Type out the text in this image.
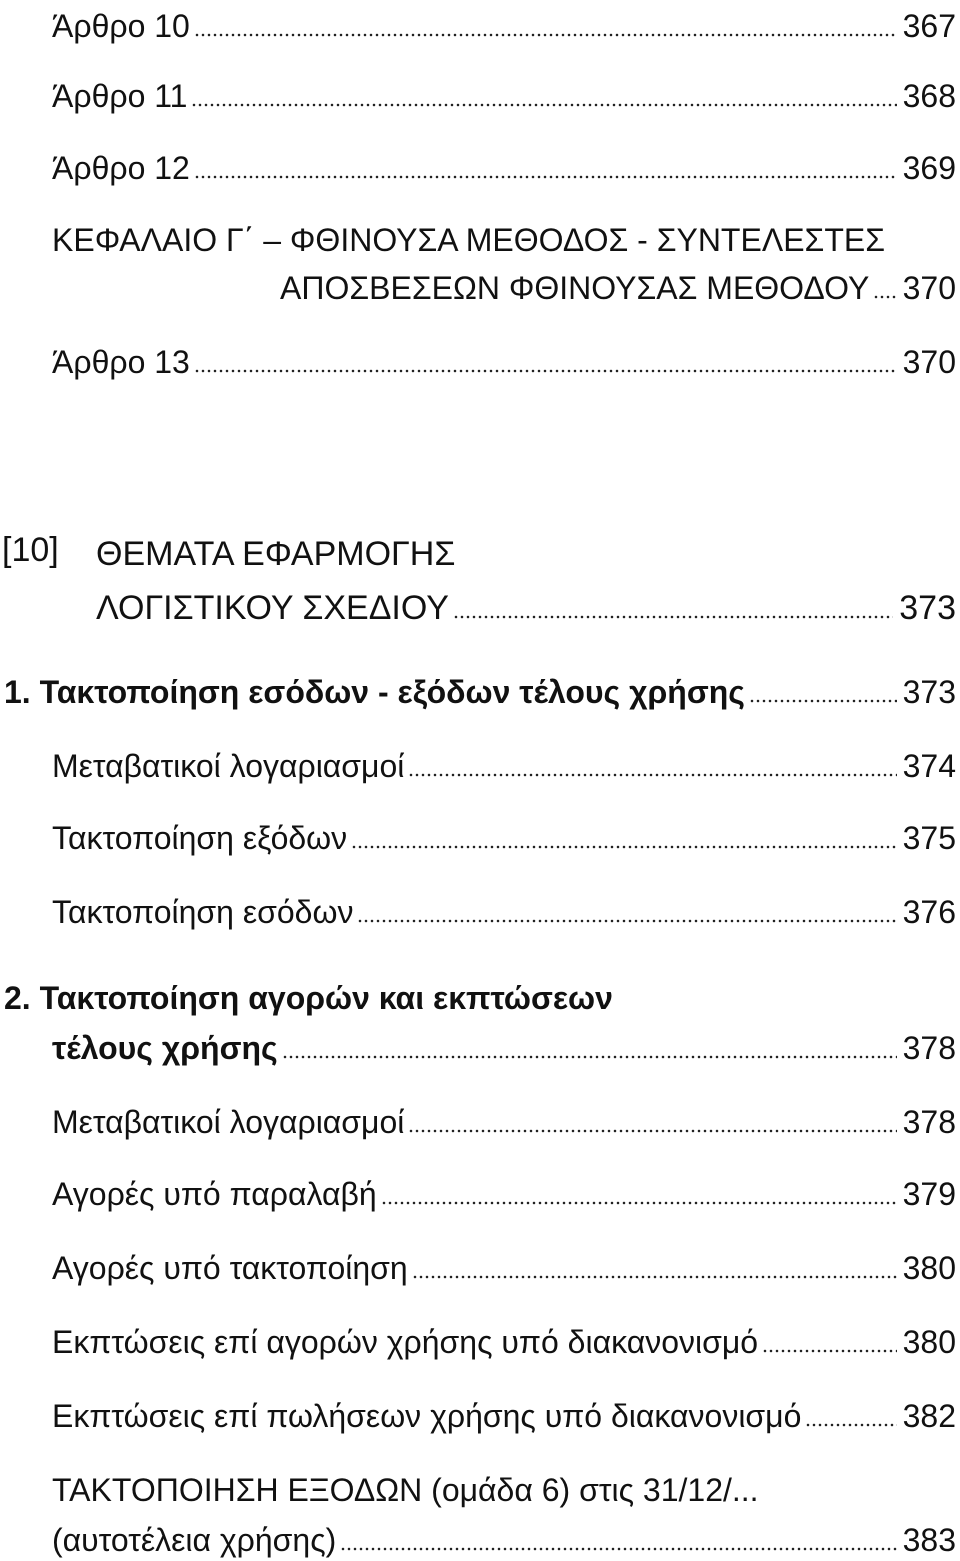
Άρθρο 10	367
Άρθρο 11	368
Άρθρο 12	369
ΚΕΦΑΛΑΙΟ Γ΄ – ΦΘΙΝΟΥΣΑ ΜΕΘΟΔΟΣ - ΣΥΝΤΕΛΕΣΤΕΣ
ΑΠΟΣΒΕΣΕΩΝ ΦΘΙΝΟΥΣΑΣ ΜΕΘΟΔΟΥ 370
Άρθρο 13	370
[10] ΘΕΜΑΤΑ ΕΦΑΡΜΟΓΗΣ
ΛΟΓΙΣΤΙΚΟΥ ΣΧΕΔΙΟΥ	373
1. Τακτοποίηση εσόδων - εξόδων τέλους χρήσης	373
Μεταβατικοί λογαριασμοί	374
Τακτοποίηση εξόδων	375
Τακτοποίηση εσόδων	376
2. Τακτοποίηση αγορών και εκπτώσεων
τέλους χρήσης	378
Μεταβατικοί λογαριασμοί	378
Αγορές υπό παραλαβή	379
Αγορές υπό τακτοποίηση	380
Εκπτώσεις επί αγορών χρήσης υπό διακανονισμό	380
Εκπτώσεις επί πωλήσεων χρήσης υπό διακανονισμό	382
ΤΑΚΤΟΠΟΙΗΣΗ ΕΞΟΔΩΝ (ομάδα 6) στις 31/12/...
(αυτοτέλεια χρήσης)	383
